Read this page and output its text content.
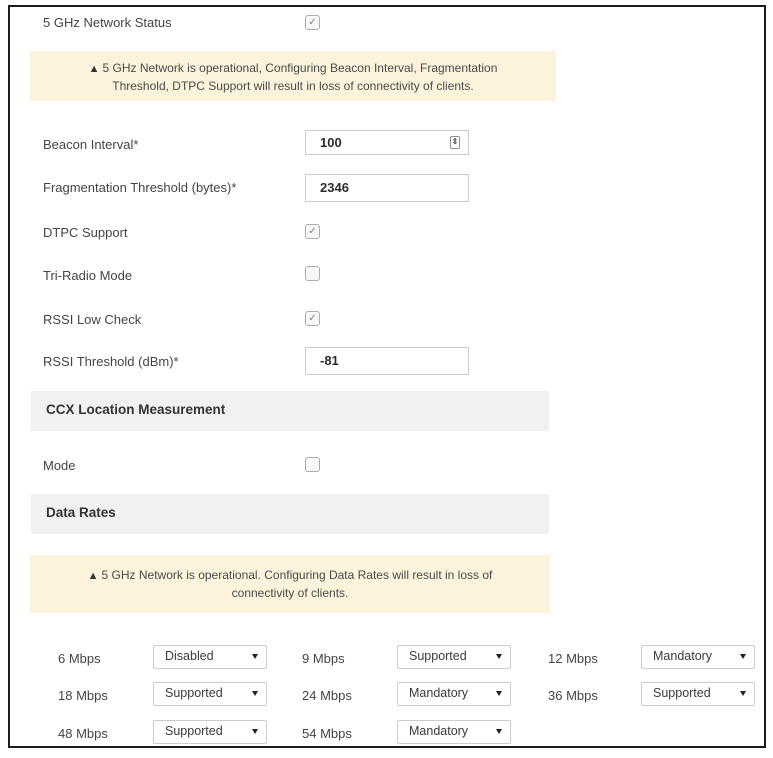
5 GHz Network Status	✓
▲ 5 GHz Network is operational, Configuring Beacon Interval, Fragmentation
Threshold, DTPC Support will result in loss of connectivity of clients.
Beacon Interval*	100	⇕
Fragmentation Threshold (bytes)*	2346
DTPC Support	✓
Tri-Radio Mode
RSSI Low Check	✓
RSSI Threshold (dBm)*	-81
CCX Location Measurement
Mode
Data Rates
▲ 5 GHz Network is operational. Configuring Data Rates will result in loss of
connectivity of clients.
6 Mbps	Disabled	9 Mbps	Supported	12 Mbps	Mandatory
18 Mbps	Supported	24 Mbps	Mandatory	36 Mbps	Supported
48 Mbps	Supported	54 Mbps	Mandatory
